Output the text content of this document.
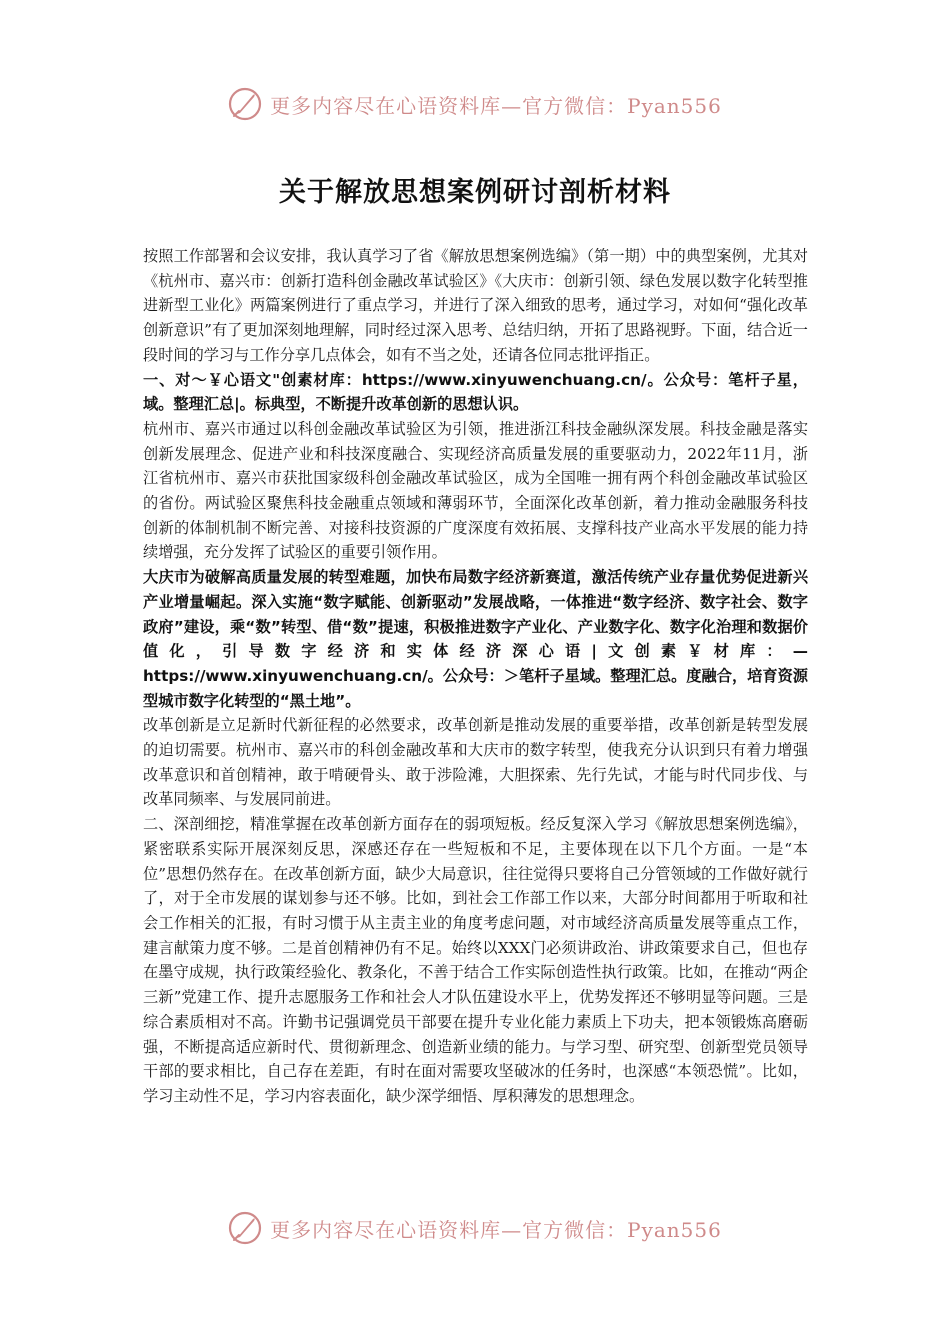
更多内容尽在心语资料库—官方微信：Pyan556
关于解放思想案例研讨剖析材料

按照工作部署和会议安排，我认真学习了省《解放思想案例选编》（第一期）中的典型案例，尤其对《杭州市、嘉兴市：创新打造科创金融改革试验区》《大庆市：创新引领、绿色发展以数字化转型推进新型工业化》两篇案例进行了重点学习，并进行了深入细致的思考，通过学习，对如何“强化改革创新意识”有了更加深刻地理解，同时经过深入思考、总结归纳，开拓了思路视野。下面，结合近一段时间的学习与工作分享几点体会，如有不当之处，还请各位同志批评指正。

一、对～￥心语文"创素材库：https://www.xinyuwenchuang.cn/。公众号：笔杆子星，域。整理汇总|。标典型，不断提升改革创新的思想认识。

杭州市、嘉兴市通过以科创金融改革试验区为引领，推进浙江科技金融纵深发展。科技金融是落实创新发展理念、促进产业和科技深度融合、实现经济高质量发展的重要驱动力，2022年11月，浙江省杭州市、嘉兴市获批国家级科创金融改革试验区，成为全国唯一拥有两个科创金融改革试验区的省份。两试验区聚焦科技金融重点领域和薄弱环节，全面深化改革创新，着力推动金融服务科技创新的体制机制不断完善、对接科技资源的广度深度有效拓展、支撑科技产业高水平发展的能力持续增强，充分发挥了试验区的重要引领作用。

大庆市为破解高质量发展的转型难题，加快布局数字经济新赛道，激活传统产业存量优势促进新兴产业增量崛起。深入实施“数字赋能、创新驱动”发展战略，一体推进“数字经济、数字社会、数字政府”建设，乘“数”转型、借“数”提速，积极推进数字产业化、产业数字化、数字化治理和数据价值化，引导数字经济和实体经济深心语|文创素￥材库：—https://www.xinyuwenchuang.cn/。公众号：＞笔杆子星域。整理汇总。度融合，培育资源型城市数字化转型的“黑土地”。

改革创新是立足新时代新征程的必然要求，改革创新是推动发展的重要举措，改革创新是转型发展的迫切需要。杭州市、嘉兴市的科创金融改革和大庆市的数字转型，使我充分认识到只有着力增强改革意识和首创精神，敢于啃硬骨头、敢于涉险滩，大胆探索、先行先试，才能与时代同步伐、与改革同频率、与发展同前进。

二、深剖细挖，精准掌握在改革创新方面存在的弱项短板。经反复深入学习《解放思想案例选编》，紧密联系实际开展深刻反思，深感还存在一些短板和不足，主要体现在以下几个方面。一是“本位”思想仍然存在。在改革创新方面，缺少大局意识，往往觉得只要将自己分管领域的工作做好就行了，对于全市发展的谋划参与还不够。比如，到社会工作部工作以来，大部分时间都用于听取和社会工作相关的汇报，有时习惯于从主责主业的角度考虑问题，对市域经济高质量发展等重点工作，建言献策力度不够。二是首创精神仍有不足。始终以XXX门必须讲政治、讲政策要求自己，但也存在墨守成规，执行政策经验化、教条化，不善于结合工作实际创造性执行政策。比如，在推动“两企三新”党建工作、提升志愿服务工作和社会人才队伍建设水平上，优势发挥还不够明显等问题。三是综合素质相对不高。许勤书记强调党员干部要在提升专业化能力素质上下功夫，把本领锻炼高磨砺强，不断提高适应新时代、贯彻新理念、创造新业绩的能力。与学习型、研究型、创新型党员领导干部的要求相比，自己存在差距，有时在面对需要攻坚破冰的任务时，也深感“本领恐慌”。比如，学习主动性不足，学习内容表面化，缺少深学细悟、厚积薄发的思想理念。

更多内容尽在心语资料库—官方微信：Pyan556
